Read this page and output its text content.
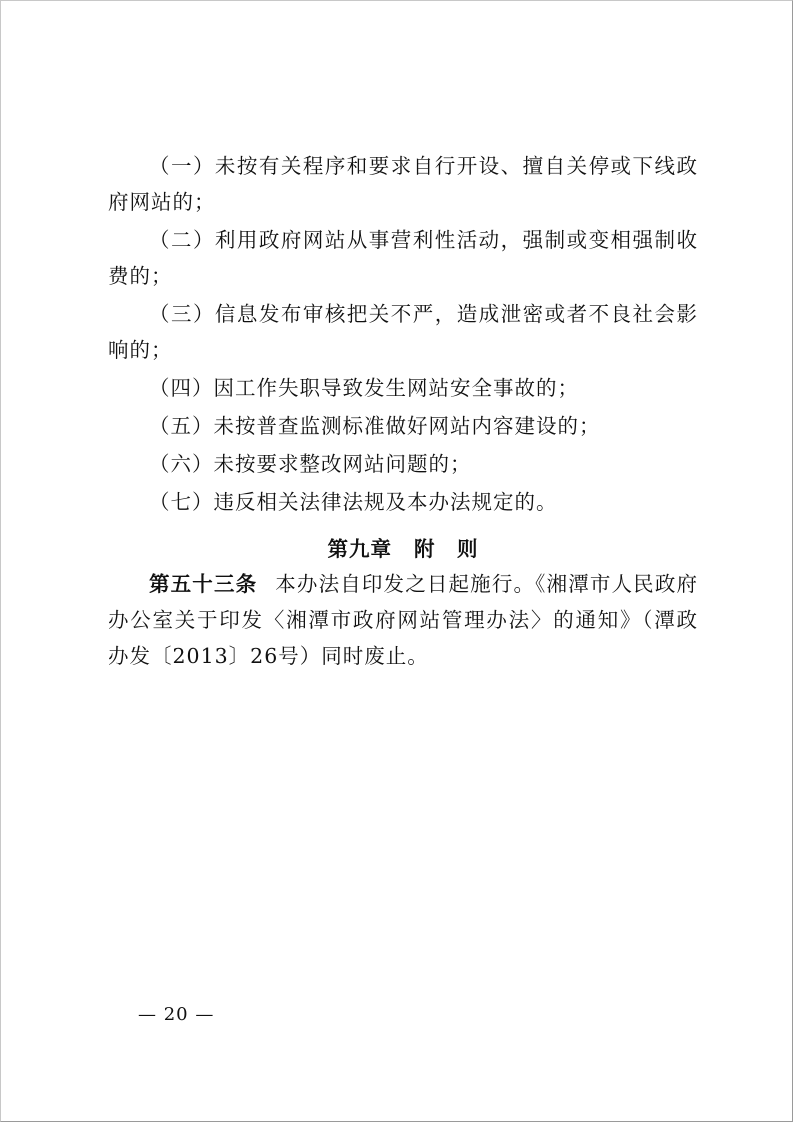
（一）未按有关程序和要求自行开设、擅自关停或下线政府网站的；

（二）利用政府网站从事营利性活动，强制或变相强制收费的；

（三）信息发布审核把关不严，造成泄密或者不良社会影响的；

（四）因工作失职导致发生网站安全事故的；

（五）未按普查监测标准做好网站内容建设的；

（六）未按要求整改网站问题的；

（七）违反相关法律法规及本办法规定的。

第九章 附　则
第五十三条 本办法自印发之日起施行。《湘潭市人民政府办公室关于印发〈湘潭市政府网站管理办法〉的通知》（潭政办发〔2013〕26号）同时废止。
— 20 —
